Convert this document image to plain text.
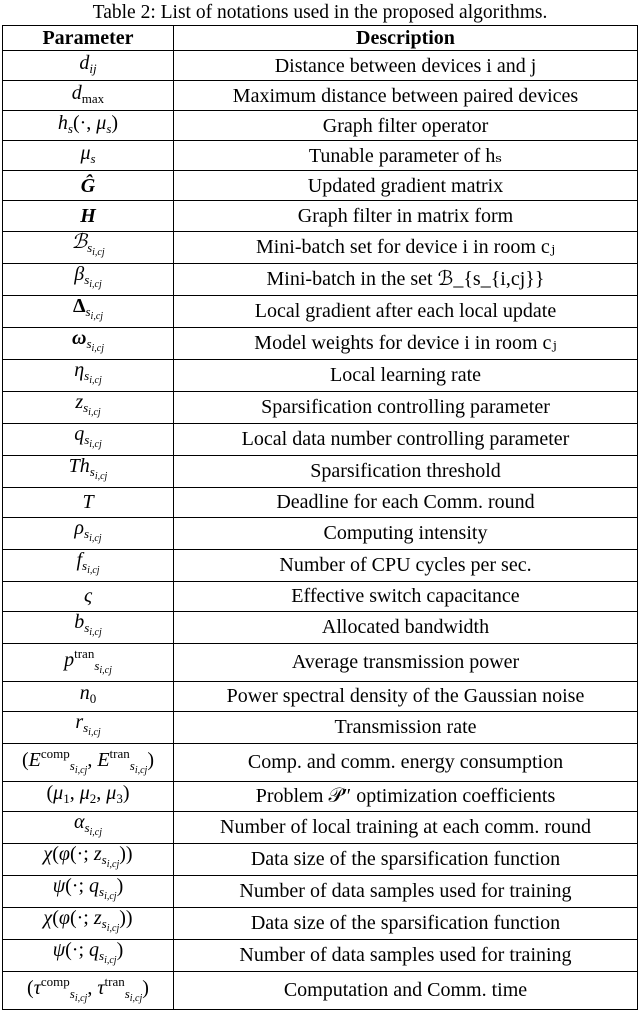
Table 2: List of notations used in the proposed algorithms.
Parameter	Description
$d_{ij}$	Distance between devices i and j
$d_{max}$	Maximum distance between paired devices
$h_s(\cdot$, $\mu_s$)	Graph filter operator
$\mu_s$	Tunable parameter of hₛ
Ĝ	Updated gradient matrix
H	Graph filter in matrix form
ℬ$_{si,cj}$	Mini-batch set for device i in room cⱼ
$\beta_{si,cj}$	Mini-batch in the set ℬ_{s_{i,cj}}
$\Delta_{si,cj}$	Local gradient after each local update
$\omega_{si,cj}$	Model weights for device i in room cⱼ
$\eta_{si,cj}$	Local learning rate
$z_{si,cj}$	Sparsification controlling parameter
$q_{si,cj}$	Local data number controlling parameter
$Th_{si,cj}$	Sparsification threshold
T	Deadline for each Comm. round
$\rho_{si,cj}$	Computing intensity
$f_{si,cj}$	Number of CPU cycles per sec.
ς	Effective switch capacitance
$b_{si,cj}$	Allocated bandwidth
$p^{tran}_{si,cj}$	Average transmission power
$n_0$	Power spectral density of the Gaussian noise
$r_{si,cj}$	Transmission rate
($E^{comp}_{si,cj}$, $E^{tran}_{si,cj}$)	Comp. and comm. energy consumption
($\mu_1$, $\mu_2$, $\mu_3$)	Problem 𝒫″ optimization coefficients
$\alpha_{si,cj}$	Number of local training at each comm. round
χ(φ(·; $z_{si,cj}$))	Data size of the sparsification function
ψ(·; $q_{si,cj}$)	Number of data samples used for training
χ(φ(·; $z_{si,cj}$))	Data size of the sparsification function
ψ(·; $q_{si,cj}$)	Number of data samples used for training
($\tau^{comp}_{si,cj}$, $\tau^{tran}_{si,cj}$)	Computation and Comm. time
